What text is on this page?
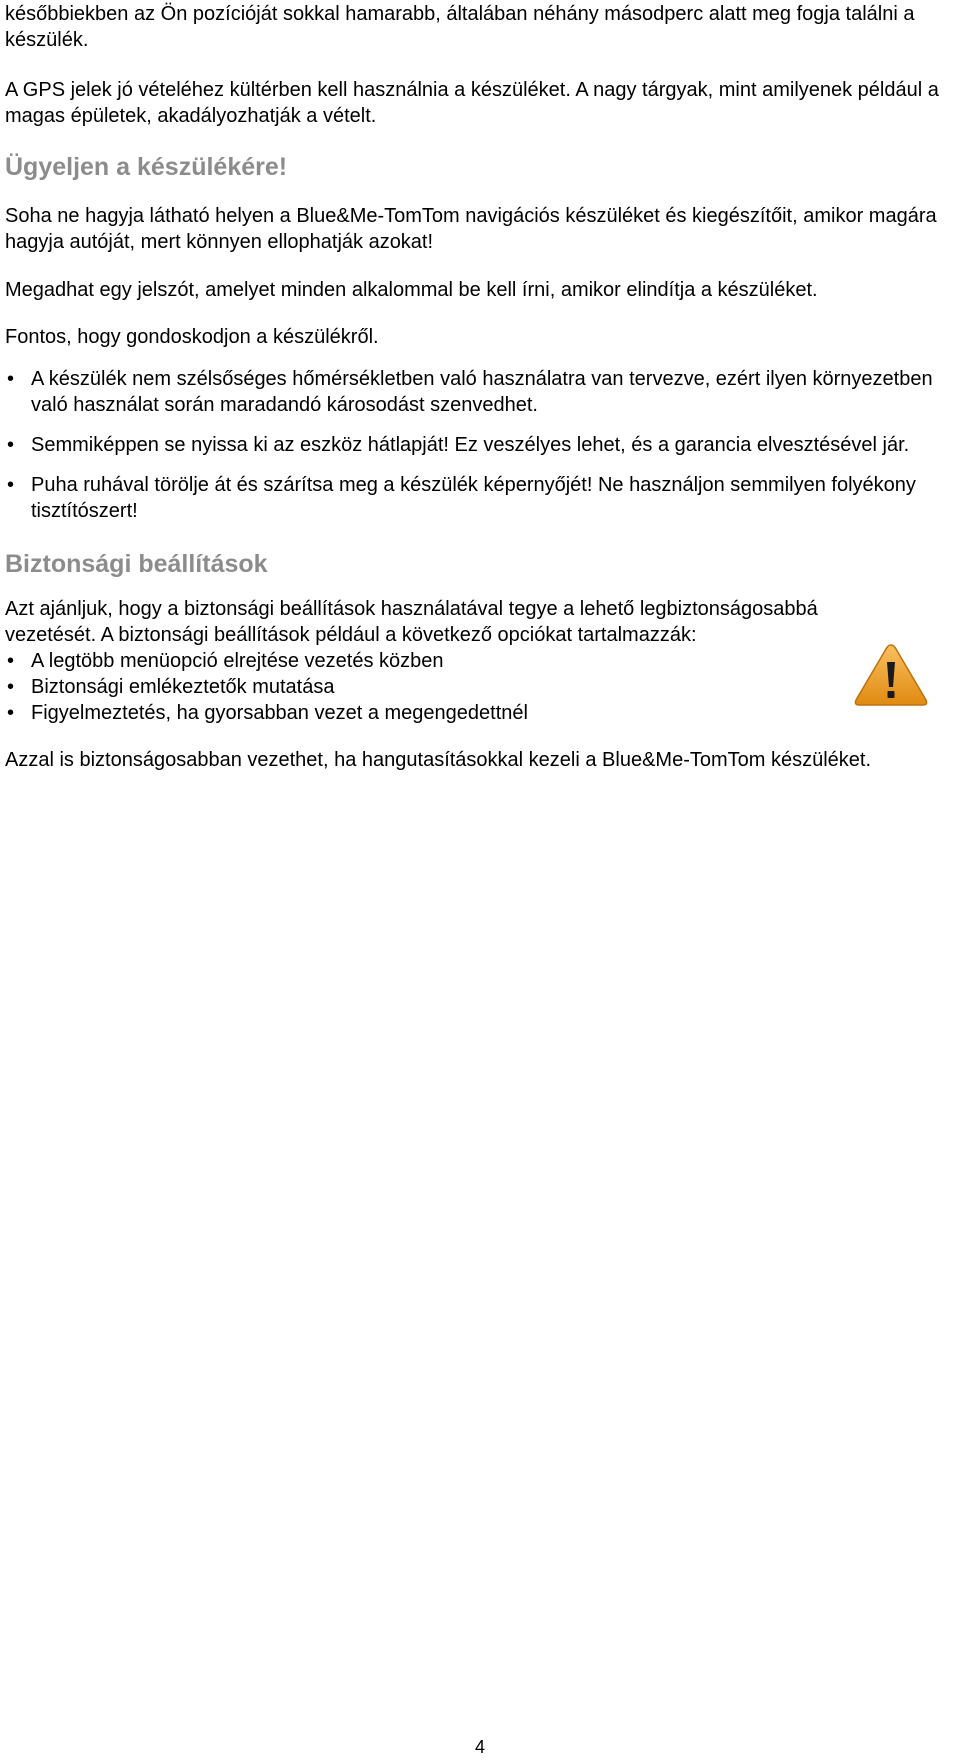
későbbiekben az Ön pozícióját sokkal hamarabb, általában néhány másodperc alatt meg fogja találni a készülék.

A GPS jelek jó vételéhez kültérben kell használnia a készüléket. A nagy tárgyak, mint amilyenek például a magas épületek, akadályozhatják a vételt.

Ügyeljen a készülékére!

Soha ne hagyja látható helyen a Blue&Me-TomTom navigációs készüléket és kiegészítőit, amikor magára hagyja autóját, mert könnyen ellophatják azokat!

Megadhat egy jelszót, amelyet minden alkalommal be kell írni, amikor elindítja a készüléket.

Fontos, hogy gondoskodjon a készülékről.

• A készülék nem szélsőséges hőmérsékletben való használatra van tervezve, ezért ilyen környezetben való használat során maradandó károsodást szenvedhet.
• Semmiképpen se nyissa ki az eszköz hátlapját! Ez veszélyes lehet, és a garancia elvesztésével jár.
• Puha ruhával törölje át és szárítsa meg a készülék képernyőjét! Ne használjon semmilyen folyékony tisztítószert!
Biztonsági beállítások

Azt ajánljuk, hogy a biztonsági beállítások használatával tegye a lehető legbiztonságosabbá vezetését. A biztonsági beállítások például a következő opciókat tartalmazzák:

• A legtöbb menüopció elrejtése vezetés közben
• Biztonsági emlékeztetők mutatása
• Figyelmeztetés, ha gyorsabban vezet a megengedettnél

Azzal is biztonságosabban vezethet, ha hangutasításokkal kezeli a Blue&Me-TomTom készüléket.

4
